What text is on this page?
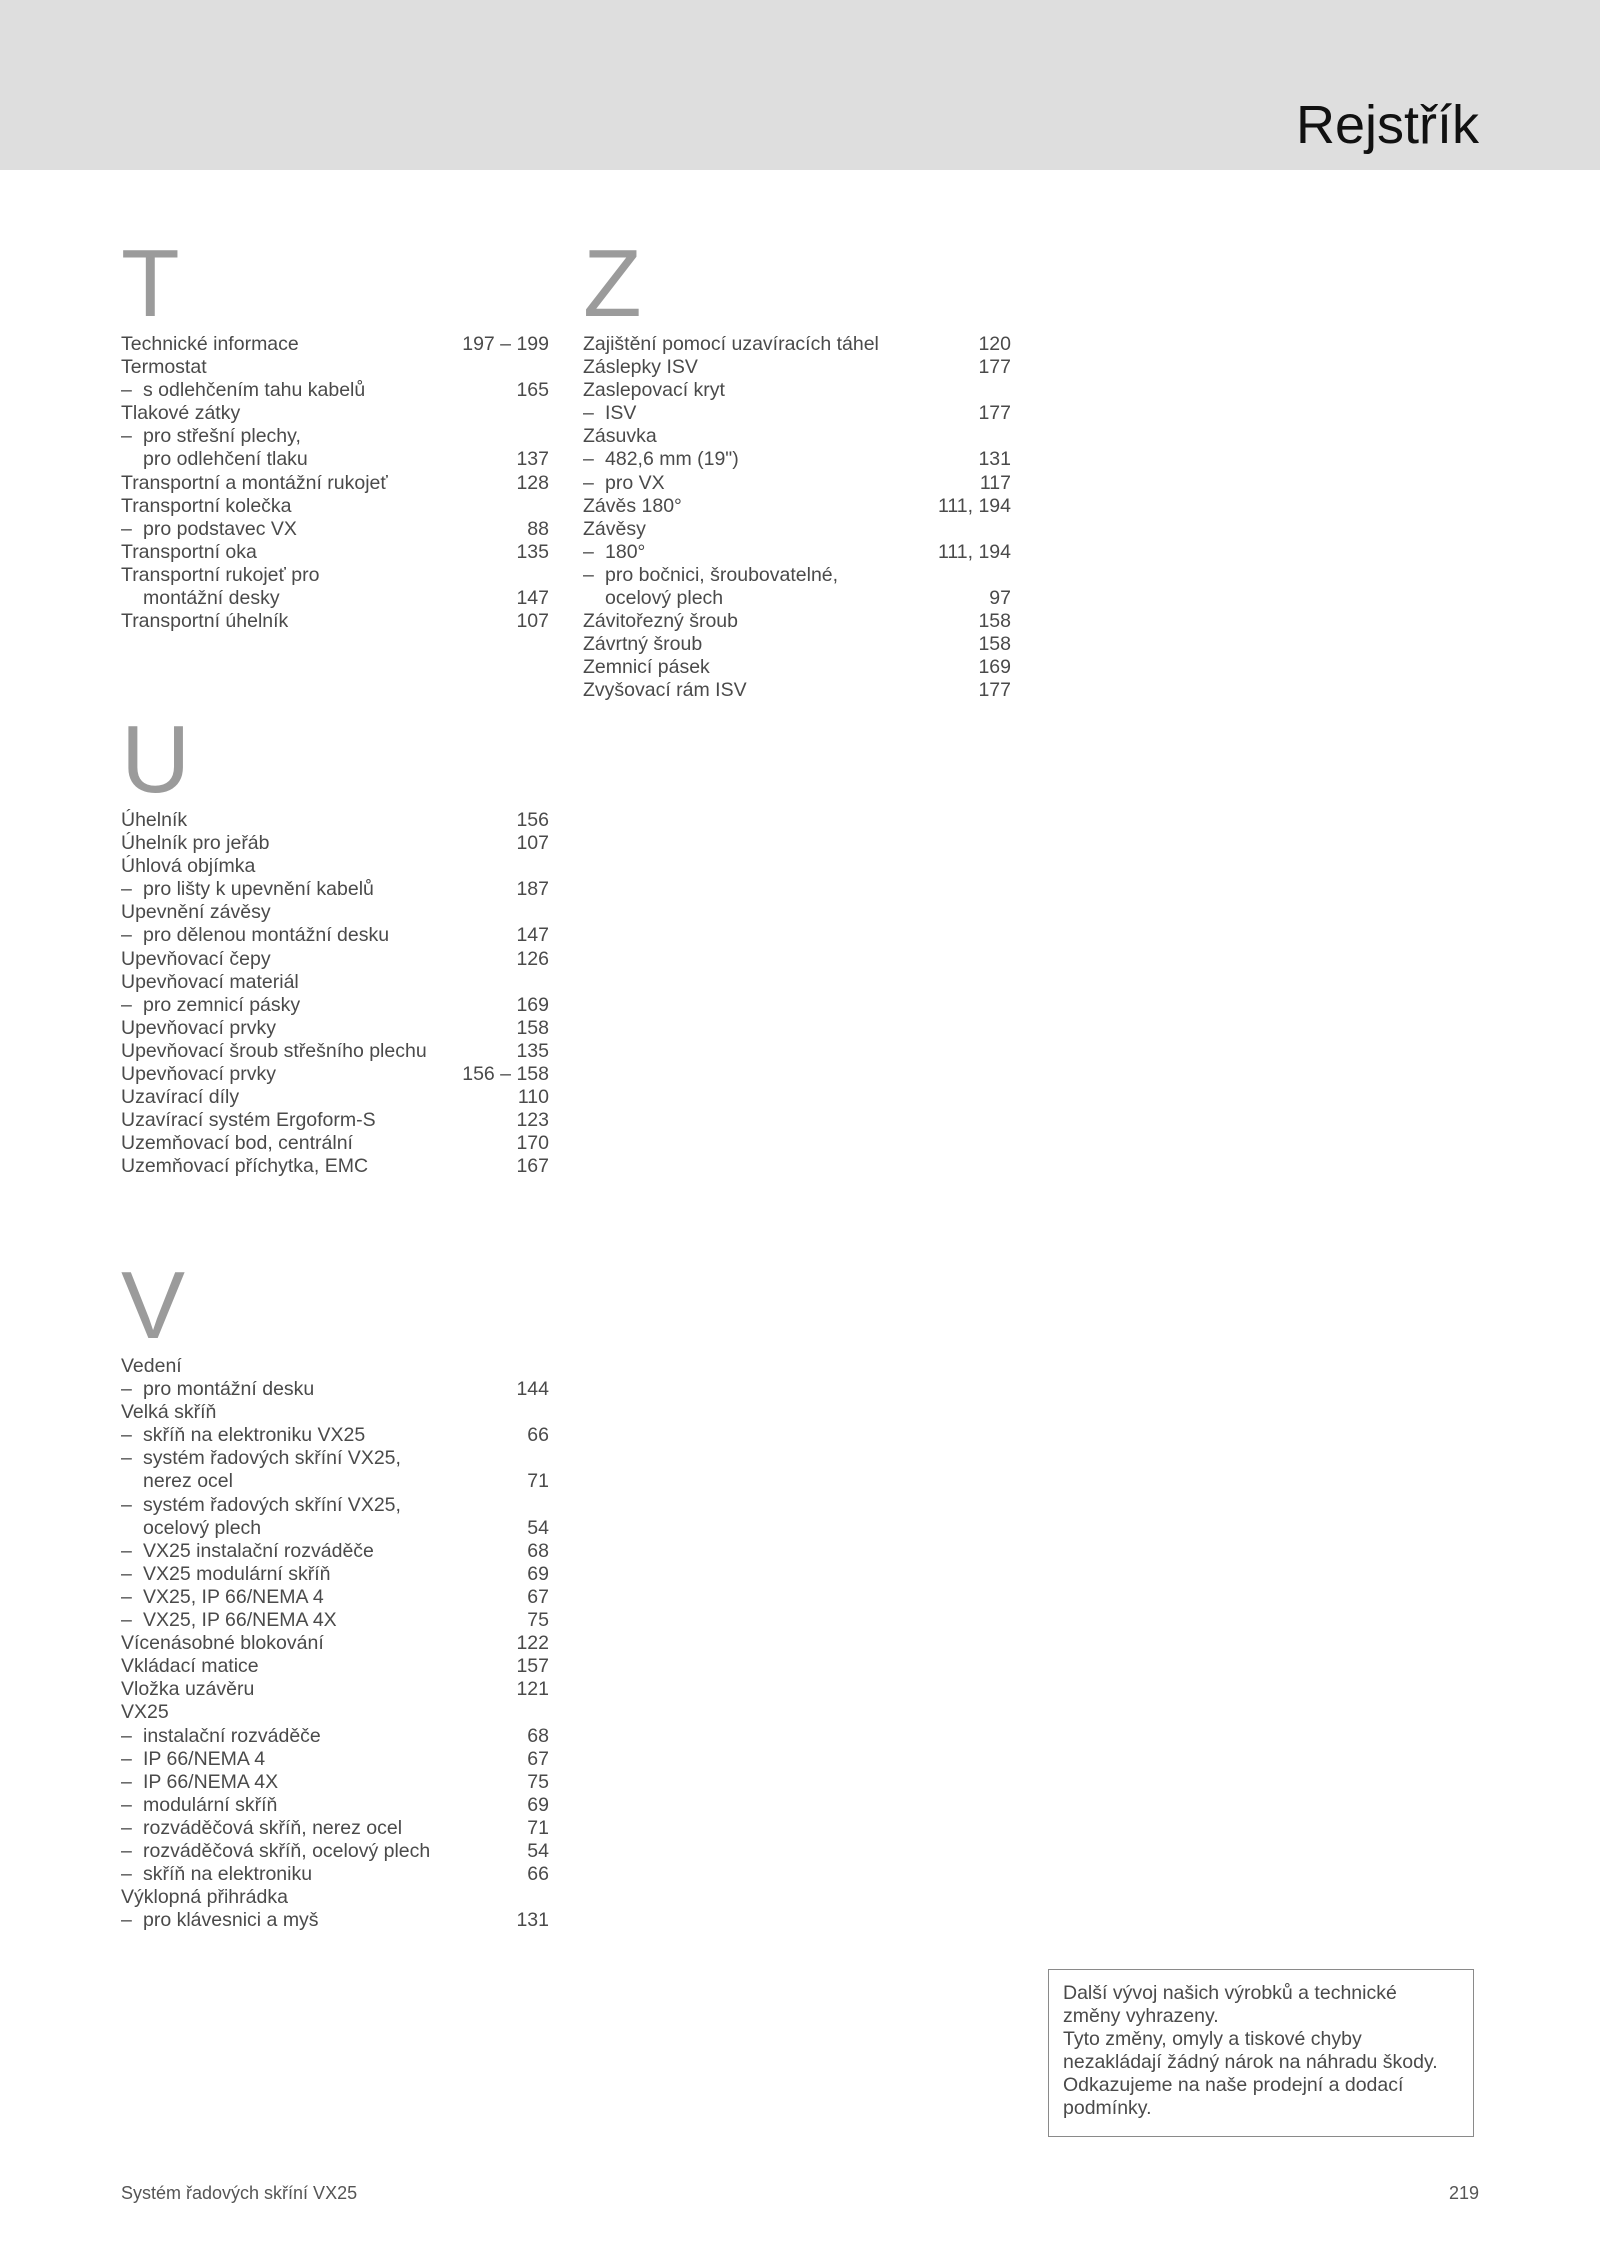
Rejstřík
T
Technické informace	197 – 199
Termostat
– s odlehčením tahu kabelů	165
Tlakové zátky
– pro střešní plechy,
pro odlehčení tlaku	137
Transportní a montážní rukojeť	128
Transportní kolečka
– pro podstavec VX	88
Transportní oka	135
Transportní rukojeť pro
montážní desky	147
Transportní úhelník	107
U
Úhelník	156
Úhelník pro jeřáb	107
Úhlová objímka
– pro lišty k upevnění kabelů	187
Upevnění závěsy
– pro dělenou montážní desku	147
Upevňovací čepy	126
Upevňovací materiál
– pro zemnicí pásky	169
Upevňovací prvky	158
Upevňovací šroub střešního plechu	135
Upevňovací prvky	156 – 158
Uzavírací díly	110
Uzavírací systém Ergoform-S	123
Uzemňovací bod, centrální	170
Uzemňovací příchytka, EMC	167
V
Vedení
– pro montážní desku	144
Velká skříň
– skříň na elektroniku VX25	66
– systém řadových skříní VX25,
nerez ocel	71
– systém řadových skříní VX25,
ocelový plech	54
– VX25 instalační rozváděče	68
– VX25 modulární skříň	69
– VX25, IP 66/NEMA 4	67
– VX25, IP 66/NEMA 4X	75
Vícenásobné blokování	122
Vkládací matice	157
Vložka uzávěru	121
VX25
– instalační rozváděče	68
– IP 66/NEMA 4	67
– IP 66/NEMA 4X	75
– modulární skříň	69
– rozváděčová skříň, nerez ocel	71
– rozváděčová skříň, ocelový plech	54
– skříň na elektroniku	66
Výklopná přihrádka
– pro klávesnici a myš	131
Z
Zajištění pomocí uzavíracích táhel	120
Záslepky ISV	177
Zaslepovací kryt
– ISV	177
Zásuvka
– 482,6 mm (19")	131
– pro VX	117
Závěs 180°	111, 194
Závěsy
– 180°	111, 194
– pro bočnici, šroubovatelné,
ocelový plech	97
Závitořezný šroub	158
Závrtný šroub	158
Zemnicí pásek	169
Zvyšovací rám ISV	177

Další vývoj našich výrobků a technické

změny vyhrazeny.

Tyto změny, omyly a tiskové chyby

nezakládají žádný nárok na náhradu škody.

Odkazujeme na naše prodejní a dodací

podmínky.

Systém řadových skříní VX25	219
